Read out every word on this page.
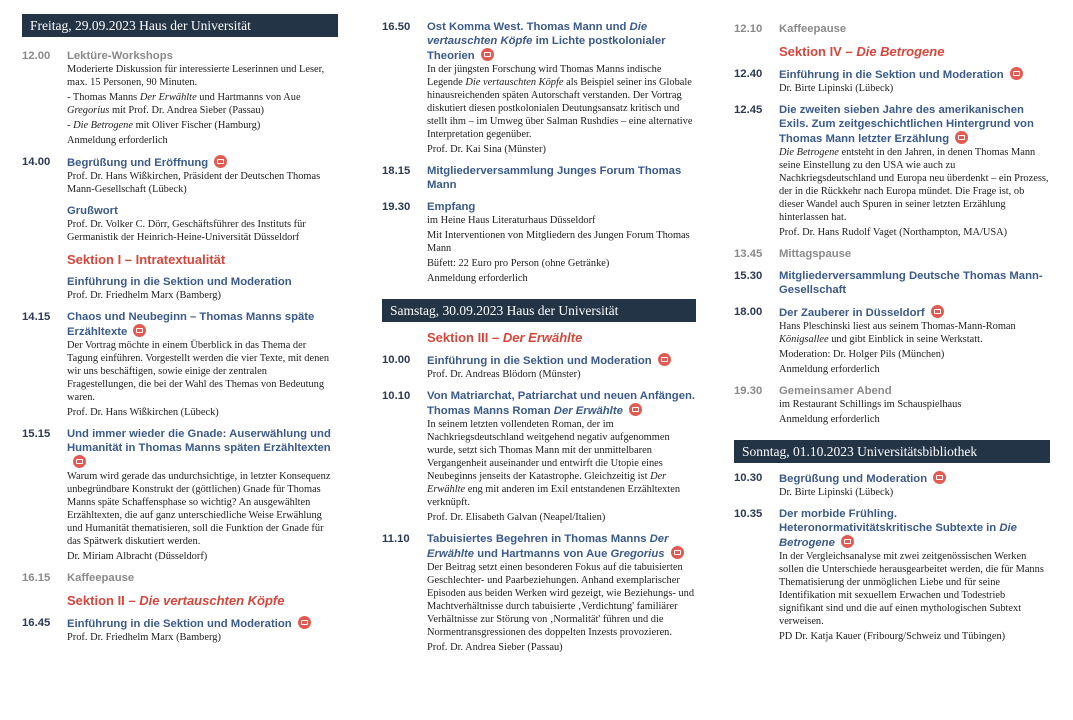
Freitag, 29.09.2023 Haus der Universität
12.00	Lektüre-Workshops
Moderierte Diskussion für interessierte Leserinnen und Leser, max. 15 Personen, 90 Minuten.
- Thomas Manns Der Erwählte und Hartmanns von Aue Gregorius mit Prof. Dr. Andrea Sieber (Passau)
- Die Betrogene mit Oliver Fischer (Hamburg)
Anmeldung erforderlich
14.00	Begrüßung und Eröffnung
Prof. Dr. Hans Wißkirchen, Präsident der Deutschen Thomas Mann-Gesellschaft (Lübeck)
Grußwort
Prof. Dr. Volker C. Dörr, Geschäftsführer des Instituts für Germanistik der Heinrich-Heine-Universität Düsseldorf
Sektion I – Intratextualität
Einführung in die Sektion und Moderation
Prof. Dr. Friedhelm Marx (Bamberg)
14.15	Chaos und Neubeginn – Thomas Manns späte Erzähltexte
Der Vortrag möchte in einem Überblick in das Thema der Tagung einführen. Vorgestellt werden die vier Texte, mit denen wir uns beschäftigen, sowie einige der zentralen Fragestellungen, die bei der Wahl des Themas von Bedeutung waren.
Prof. Dr. Hans Wißkirchen (Lübeck)
15.15	Und immer wieder die Gnade: Auserwählung und Humanität in Thomas Manns späten Erzähltexten
Warum wird gerade das undurchsichtige, in letzter Konsequenz unbegründbare Konstrukt der (göttlichen) Gnade für Thomas Manns späte Schaffensphase so wichtig? An ausgewählten Erzähltexten, die auf ganz unterschiedliche Weise Erwählung und Humanität thematisieren, soll die Funktion der Gnade für das Spätwerk diskutiert werden.
Dr. Miriam Albracht (Düsseldorf)
16.15	Kaffeepause
Sektion II – Die vertauschten Köpfe
16.45	Einführung in die Sektion und Moderation
Prof. Dr. Friedhelm Marx (Bamberg)
16.50	Ost Komma West. Thomas Mann und Die vertauschten Köpfe im Lichte postkolonialer Theorien
In der jüngsten Forschung wird Thomas Manns indische Legende Die vertauschten Köpfe als Beispiel seiner ins Globale hinausreichenden späten Autorschaft verstanden. Der Vortrag diskutiert diesen postkolonialen Deutungsansatz kritisch und stellt ihm – im Umweg über Salman Rushdies – eine alternative Interpretation gegenüber.
Prof. Dr. Kai Sina (Münster)
18.15	Mitgliederversammlung Junges Forum Thomas Mann
19.30	Empfang
im Heine Haus Literaturhaus Düsseldorf
Mit Interventionen von Mitgliedern des Jungen Forum Thomas Mann
Büfett: 22 Euro pro Person (ohne Getränke)
Anmeldung erforderlich
Samstag, 30.09.2023 Haus der Universität
Sektion III – Der Erwählte
10.00	Einführung in die Sektion und Moderation
Prof. Dr. Andreas Blödorn (Münster)
10.10	Von Matriarchat, Patriarchat und neuen Anfängen. Thomas Manns Roman Der Erwählte
In seinem letzten vollendeten Roman, der im Nachkriegsdeutschland weitgehend negativ aufgenommen wurde, setzt sich Thomas Mann mit der unmittelbaren Vergangenheit auseinander und entwirft die Utopie eines Neubeginns jenseits der Katastrophe. Gleichzeitig ist Der Erwählte eng mit anderen im Exil entstandenen Erzähltexten verknüpft.
Prof. Dr. Elisabeth Galvan (Neapel/Italien)
11.10	Tabuisiertes Begehren in Thomas Manns Der Erwählte und Hartmanns von Aue Gregorius
Der Beitrag setzt einen besonderen Fokus auf die tabuisierten Geschlechter- und Paarbeziehungen. Anhand exemplarischer Episoden aus beiden Werken wird gezeigt, wie Beziehungs- und Machtverhältnisse durch tabuisierte ‚Verdichtung' familiärer Verhältnisse zur Störung von ‚Normalität' führen und die Normentransgressionen des doppelten Inzests provozieren.
Prof. Dr. Andrea Sieber (Passau)
12.10	Kaffeepause
Sektion IV – Die Betrogene
12.40	Einführung in die Sektion und Moderation
Dr. Birte Lipinski (Lübeck)
12.45	Die zweiten sieben Jahre des amerikanischen Exils. Zum zeitgeschichtlichen Hintergrund von Thomas Mann letzter Erzählung
Die Betrogene entsteht in den Jahren, in denen Thomas Mann seine Einstellung zu den USA wie auch zu Nachkriegsdeutschland und Europa neu überdenkt – ein Prozess, der in die Rückkehr nach Europa mündet. Die Frage ist, ob dieser Wandel auch Spuren in seiner letzten Erzählung hinterlassen hat.
Prof. Dr. Hans Rudolf Vaget (Northampton, MA/USA)
13.45	Mittagspause
15.30	Mitgliederversammlung Deutsche Thomas Mann-Gesellschaft
18.00	Der Zauberer in Düsseldorf
Hans Pleschinski liest aus seinem Thomas-Mann-Roman Königsallee und gibt Einblick in seine Werkstatt.
Moderation: Dr. Holger Pils (München)
Anmeldung erforderlich
19.30	Gemeinsamer Abend
im Restaurant Schillings im Schauspielhaus
Anmeldung erforderlich
Sonntag, 01.10.2023 Universitätsbibliothek
10.30	Begrüßung und Moderation
Dr. Birte Lipinski (Lübeck)
10.35	Der morbide Frühling. Heteronormativitätskritische Subtexte in Die Betrogene
In der Vergleichsanalyse mit zwei zeitgenössischen Werken sollen die Unterschiede herausgearbeitet werden, die für Manns Thematisierung der unmöglichen Liebe und für seine Identifikation mit sexuellem Erwachen und Todestrieb signifikant sind und die auf einen mythologischen Subtext verweisen.
PD Dr. Katja Kauer (Fribourg/Schweiz und Tübingen)
